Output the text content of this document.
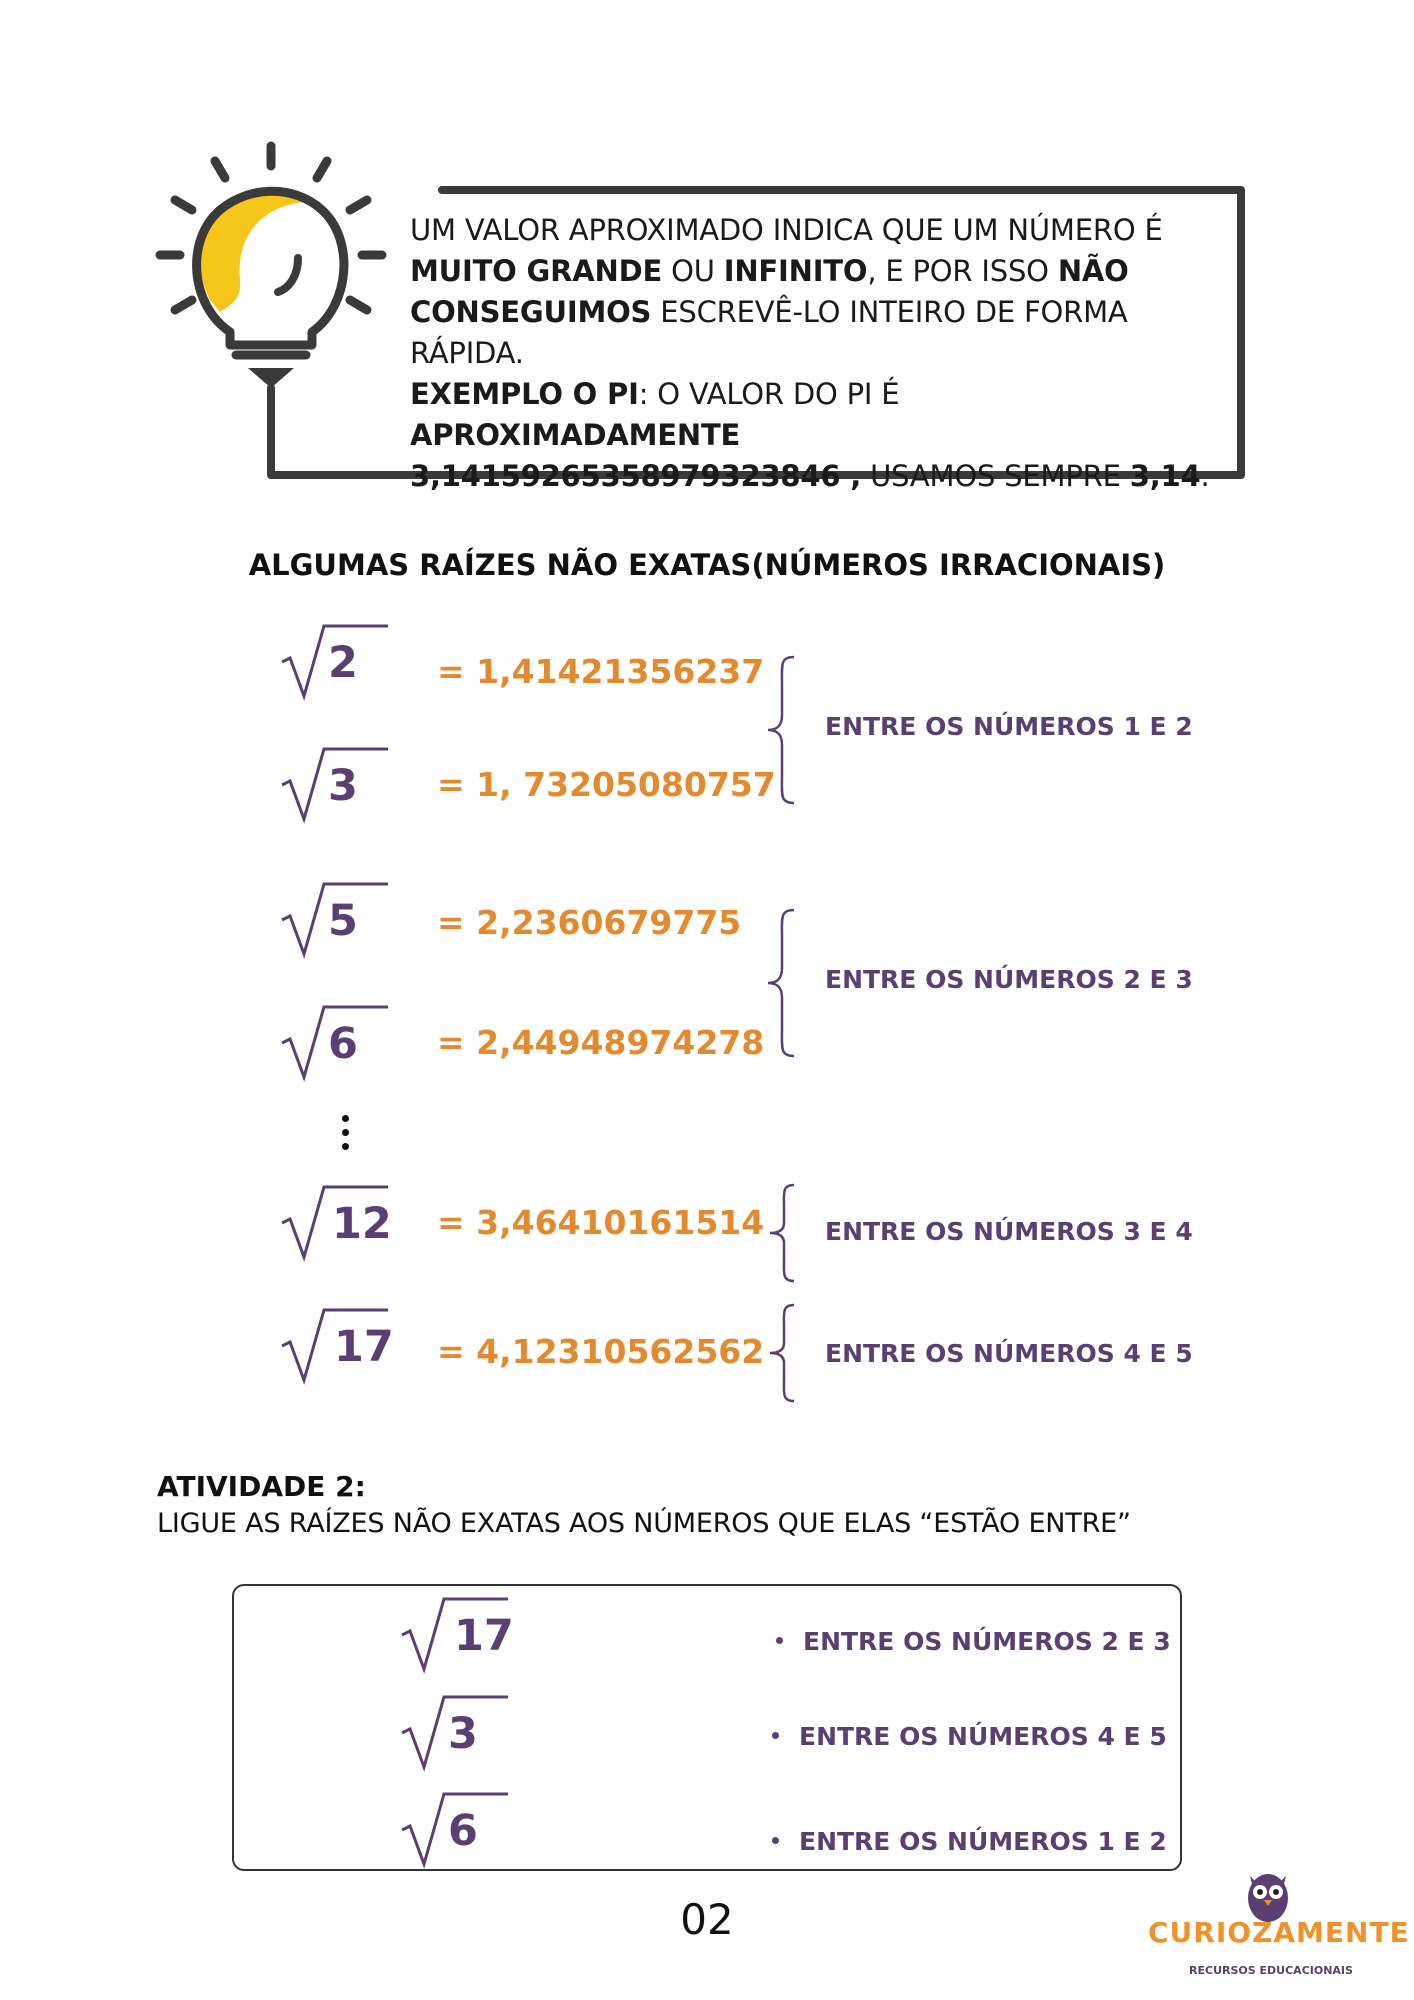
UM VALOR APROXIMADO INDICA QUE UM NÚMERO É
MUITO GRANDE OU INFINITO, E POR ISSO NÃO
CONSEGUIMOS ESCREVÊ-LO INTEIRO DE FORMA
RÁPIDA.
EXEMPLO O PI: O VALOR DO PI É APROXIMADAMENTE
3,14159265358979323846 , USAMOS SEMPRE 3,14.
ALGUMAS RAÍZES NÃO EXATAS(NÚMEROS IRRACIONAIS)
2 = 1,41421356237
3 = 1, 73205080757
ENTRE OS NÚMEROS 1 E 2
5 = 2,2360679775
6 = 2,44948974278
ENTRE OS NÚMEROS 2 E 3
12 = 3,46410161514 ENTRE OS NÚMEROS 3 E 4
17 = 4,12310562562 ENTRE OS NÚMEROS 4 E 5
ATIVIDADE 2:
LIGUE AS RAÍZES NÃO EXATAS AOS NÚMEROS QUE ELAS “ESTÃO ENTRE”
17
3
6
ENTRE OS NÚMEROS 2 E 3
ENTRE OS NÚMEROS 4 E 5
ENTRE OS NÚMEROS 1 E 2
02	CURIOZAMENTE
RECURSOS EDUCACIONAIS
